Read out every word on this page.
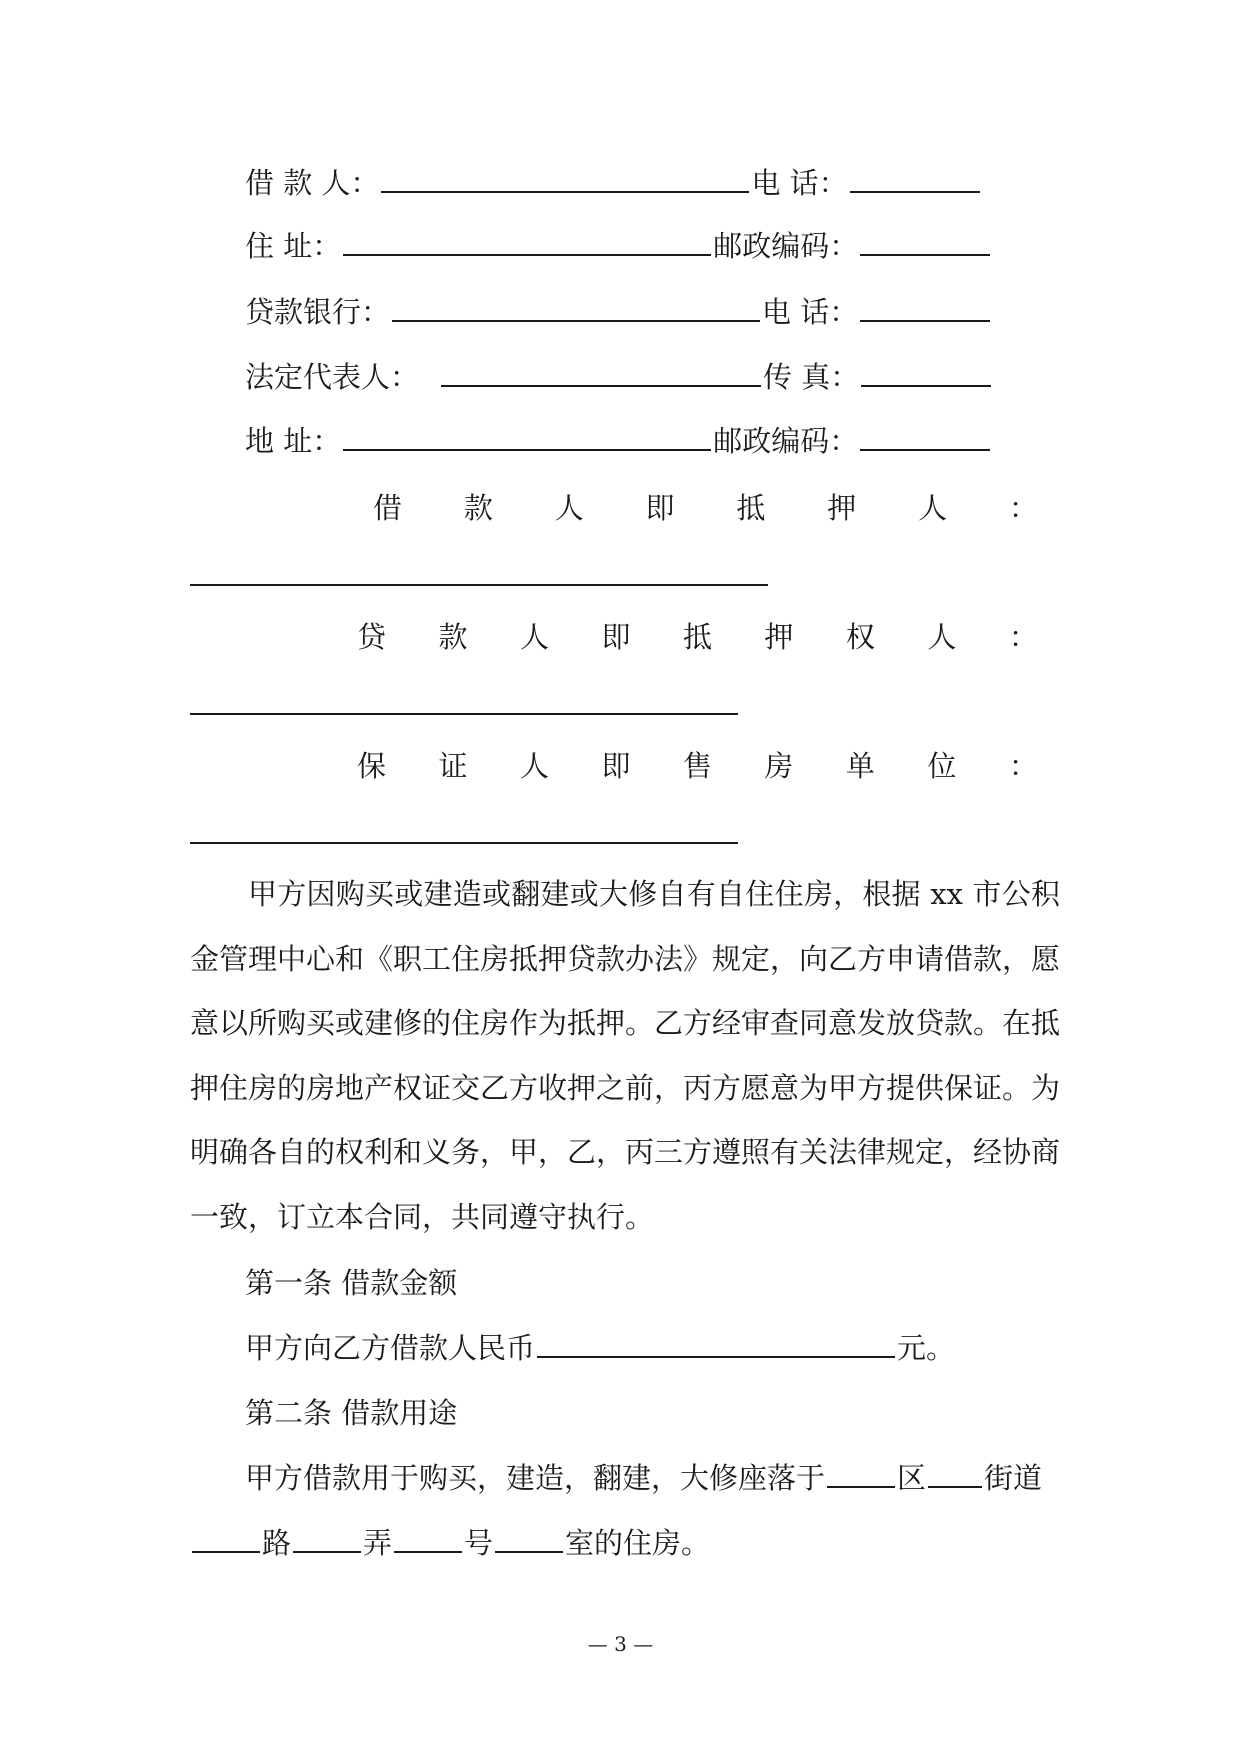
借 款 人：	电 话：
住 址：	邮政编码：
贷款银行：	电 话：
法定代表人：	传 真：
地 址：	邮政编码：
借 款 人 即 抵 押 人 ：
贷 款 人 即 抵 押 权 人 ：
保 证 人 即 售 房 单 位 ：
甲方因购买或建造或翻建或大修自有自住住房，根据 xx 市公积金管理中心和《职工住房抵押贷款办法》规定，向乙方申请借款，愿意以所购买或建修的住房作为抵押。乙方经审查同意发放贷款。在抵押住房的房地产权证交乙方收押之前，丙方愿意为甲方提供保证。为明确各自的权利和义务，甲，乙，丙三方遵照有关法律规定，经协商一致，订立本合同，共同遵守执行。
第一条 借款金额
甲方向乙方借款人民币	元。
第二条 借款用途
甲方借款用于购买，建造，翻建，大修座落于 区 街道
路 弄 号 室的住房。
— 3 —
